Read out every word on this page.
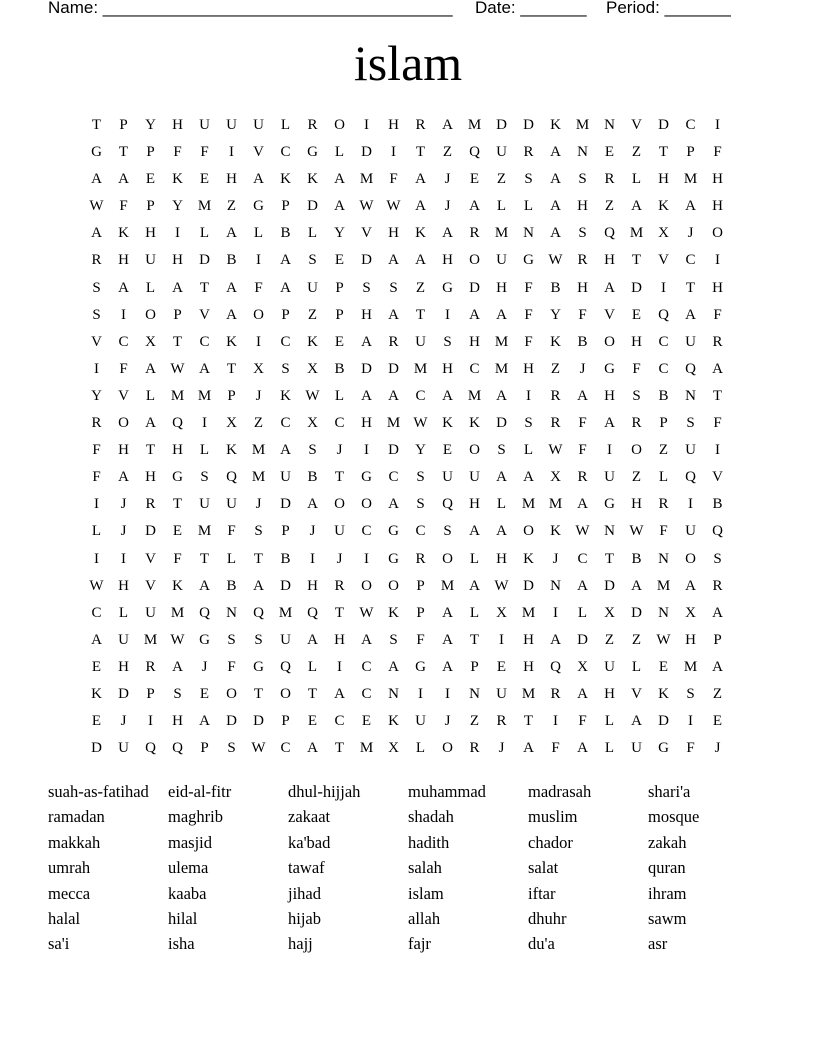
Name: _____________________________________ Date: _______ Period: _______
islam
T	P	Y	H	U	U	U	L	R	O	I	H	R	A M D	D	K M N	V	D	C	I
G	T	P	F	F	I	V	C	G	L	D	I	T	Z	Q	U	R	A	N	E	Z	T	P	F
A	A	E	K	E	H	A	K	K	A M	F	A	J	E	Z	S	A	S	R	L	H M H
W	F	P	Y M	Z	G	P	D	A W W A	J	A	L	L	A	H	Z	A	K	A	H
A	K	H	I	L	A	L	B	L	Y	V	H	K	A	R	M N	A	S	Q M X	J	O
R	H	U	H	D	B	I	A	S	E	D	A	A	H	O	U	G W R	H	T	V	C	I
S	A	L	A	T	A	F	A	U	P	S	S	Z	G	D	H	F	B	H	A	D	I	T	H
S	I	O	P	V	A	O	P	Z	P	H	A	T	I	A	A	F	Y	F	V	E	Q	A	F
V	C	X	T	C	K	I	C	K	E	A	R	U	S	H M	F	K	B	O	H	C	U	R
I	F	A W A	T	X	S	X	B	D	D M H	C	M H	Z	J	G	F	C	Q	A
Y	V	L	M M	P	J	K W	L	A	A	C	A M A	I	R	A	H	S	B	N	T
R	O	A	Q	I	X	Z	C	X	C	H M W K	K	D	S	R	F	A	R	P	S	F
F	H	T	H	L	K M A	S	J	I	D	Y	E	O	S	L	W	F	I	O	Z	U	I
F	A	H	G	S	Q M U	B	T	G	C	S	U	U	A	A	X	R	U	Z	L	Q	V
I	J	R	T	U	U	J	D	A	O	O	A	S	Q	H	L	M M A	G	H	R	I	B
L	J	D	E	M	F	S	P	J	U	C	G	C	S	A	A	O	K W N W	F	U	Q
I	I	V	F	T	L	T	B	I	J	I	G	R	O	L	H	K	J	C	T	B	N	O	S
W H	V	K	A	B	A	D	H	R	O	O	P	M A W D	N	A	D	A M A	R
C	L	U M Q	N	Q M Q	T	W K	P	A	L	X M	I	L	X	D	N	X	A
A	U M W G	S	S	U	A	H	A	S	F	A	T	I	H	A	D	Z	Z	W H	P
E	H	R	A	J	F	G	Q	L	I	C	A	G	A	P	E	H	Q	X	U	L	E	M A
K	D	P	S	E	O	T	O	T	A	C	N	I	I	N	U M	R	A	H	V	K	S	Z
E	J	I	H	A	D	D	P	E	C	E	K	U	J	Z	R	T	I	F	L	A	D	I	E
D	U	Q	Q	P	S	W C	A	T	M X	L	O	R	J	A	F	A	L	U	G	F	J
suah-as-fatihad	eid-al-fitr	dhul-hijjah	muhammad	madrasah	shari'a
ramadan	maghrib	zakaat	shadah	muslim	mosque
makkah	masjid	ka'bad	hadith	chador	zakah
umrah	ulema	tawaf	salah	salat	quran
mecca	kaaba	jihad	islam	iftar	ihram
halal	hilal	hijab	allah	dhuhr	sawm
sa'i	isha	hajj	fajr	du'a	asr
